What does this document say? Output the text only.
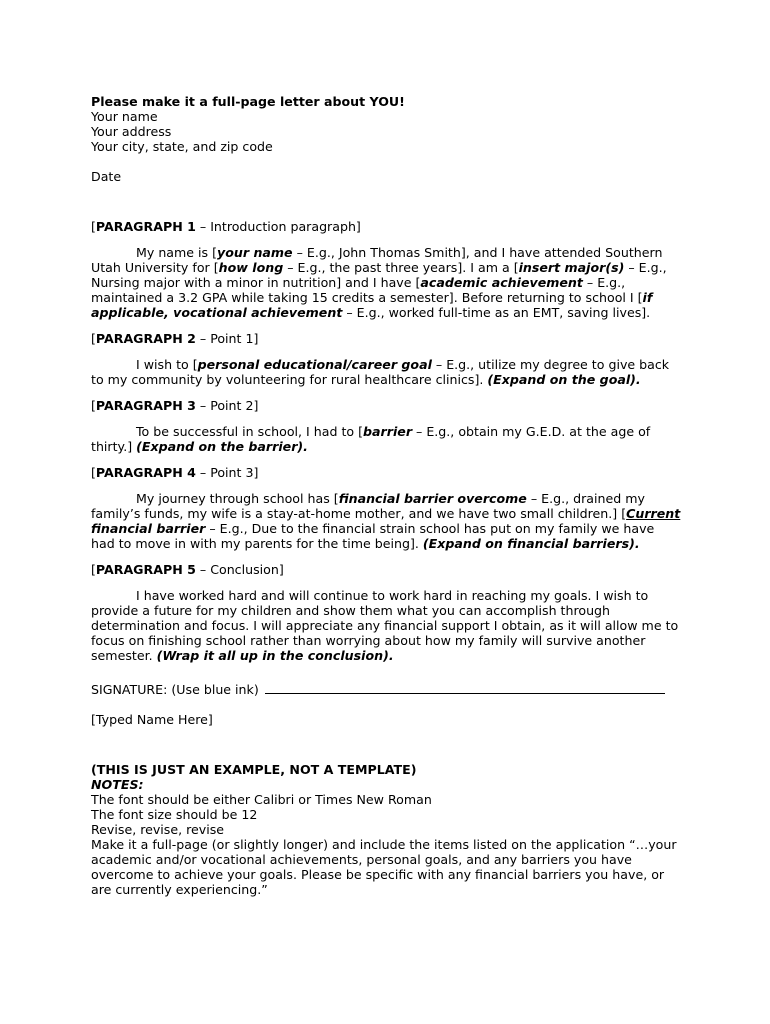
Please make it a full-page letter about YOU!

Your name

Your address

Your city, state, and zip code

Date

[PARAGRAPH 1 – Introduction paragraph]

My name is [your name – E.g., John Thomas Smith], and I have attended Southern Utah University for [how long – E.g., the past three years]. I am a [insert major(s) – E.g., Nursing major with a minor in nutrition] and I have [academic achievement – E.g., maintained a 3.2 GPA while taking 15 credits a semester]. Before returning to school I [if applicable, vocational achievement – E.g., worked full-time as an EMT, saving lives].

[PARAGRAPH 2 – Point 1]

I wish to [personal educational/career goal – E.g., utilize my degree to give back to my community by volunteering for rural healthcare clinics]. (Expand on the goal).

[PARAGRAPH 3 – Point 2]

To be successful in school, I had to [barrier – E.g., obtain my G.E.D. at the age of thirty.] (Expand on the barrier).

[PARAGRAPH 4 – Point 3]

My journey through school has [financial barrier overcome – E.g., drained my family’s funds, my wife is a stay-at-home mother, and we have two small children.] [Current financial barrier – E.g., Due to the financial strain school has put on my family we have had to move in with my parents for the time being]. (Expand on financial barriers).

[PARAGRAPH 5 – Conclusion]

I have worked hard and will continue to work hard in reaching my goals. I wish to provide a future for my children and show them what you can accomplish through determination and focus. I will appreciate any financial support I obtain, as it will allow me to focus on finishing school rather than worrying about how my family will survive another semester. (Wrap it all up in the conclusion).

SIGNATURE: (Use blue ink)

[Typed Name Here]

(THIS IS JUST AN EXAMPLE, NOT A TEMPLATE)

NOTES:

The font should be either Calibri or Times New Roman

The font size should be 12

Revise, revise, revise

Make it a full-page (or slightly longer) and include the items listed on the application “…your academic and/or vocational achievements, personal goals, and any barriers you have overcome to achieve your goals. Please be specific with any financial barriers you have, or are currently experiencing.”
